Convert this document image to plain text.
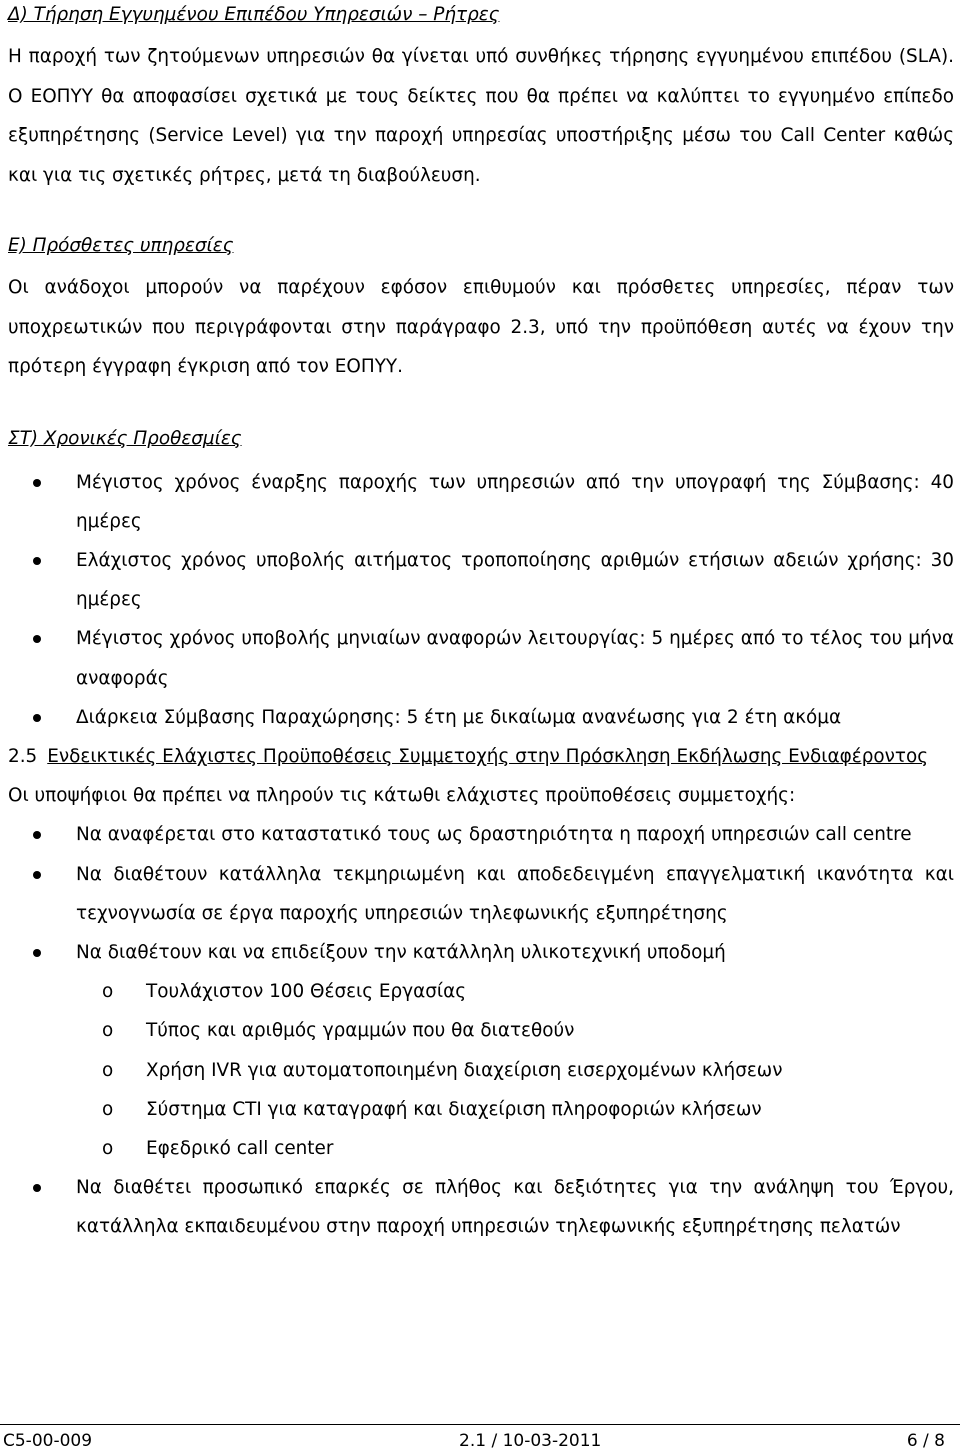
Δ) Τήρηση Εγγυημένου Επιπέδου Υπηρεσιών – Ρήτρες

Η παροχή των ζητούμενων υπηρεσιών θα γίνεται υπό συνθήκες τήρησης εγγυημένου επιπέδου (SLA). Ο ΕΟΠΥΥ θα αποφασίσει σχετικά με τους δείκτες που θα πρέπει να καλύπτει το εγγυημένο επίπεδο εξυπηρέτησης (Service Level) για την παροχή υπηρεσίας υποστήριξης μέσω του Call Center καθώς και για τις σχετικές ρήτρες, μετά τη διαβούλευση.

Ε) Πρόσθετες υπηρεσίες

Οι ανάδοχοι μπορούν να παρέχουν εφόσον επιθυμούν και πρόσθετες υπηρεσίες, πέραν των υποχρεωτικών που περιγράφονται στην παράγραφο 2.3, υπό την προϋπόθεση αυτές να έχουν την πρότερη έγγραφη έγκριση από τον ΕΟΠΥΥ.

ΣΤ) Χρονικές Προθεσμίες

Μέγιστος χρόνος έναρξης παροχής των υπηρεσιών από την υπογραφή της Σύμβασης: 40 ημέρες
Ελάχιστος χρόνος υποβολής αιτήματος τροποποίησης αριθμών ετήσιων αδειών χρήσης: 30 ημέρες
Μέγιστος χρόνος υποβολής μηνιαίων αναφορών λειτουργίας: 5 ημέρες από το τέλος του μήνα αναφοράς
Διάρκεια Σύμβασης Παραχώρησης: 5 έτη με δικαίωμα ανανέωσης για 2 έτη ακόμα

2.5 Ενδεικτικές Ελάχιστες Προϋποθέσεις Συμμετοχής στην Πρόσκληση Εκδήλωσης Ενδιαφέροντος

Οι υποψήφιοι θα πρέπει να πληρούν τις κάτωθι ελάχιστες προϋποθέσεις συμμετοχής:

Να αναφέρεται στο καταστατικό τους ως δραστηριότητα η παροχή υπηρεσιών call centre
Να διαθέτουν κατάλληλα τεκμηριωμένη και αποδεδειγμένη επαγγελματική ικανότητα και τεχνογνωσία σε έργα παροχής υπηρεσιών τηλεφωνικής εξυπηρέτησης
Να διαθέτουν και να επιδείξουν την κατάλληλη υλικοτεχνική υποδομή
o Τουλάχιστον 100 Θέσεις Εργασίας
o Τύπος και αριθμός γραμμών που θα διατεθούν
o Χρήση IVR για αυτοματοποιημένη διαχείριση εισερχομένων κλήσεων
o Σύστημα CTI για καταγραφή και διαχείριση πληροφοριών κλήσεων
o Εφεδρικό call center
Να διαθέτει προσωπικό επαρκές σε πλήθος και δεξιότητες για την ανάληψη του Έργου, κατάλληλα εκπαιδευμένου στην παροχή υπηρεσιών τηλεφωνικής εξυπηρέτησης πελατών
C5-00-009	2.1 / 10-03-2011	6 / 8
